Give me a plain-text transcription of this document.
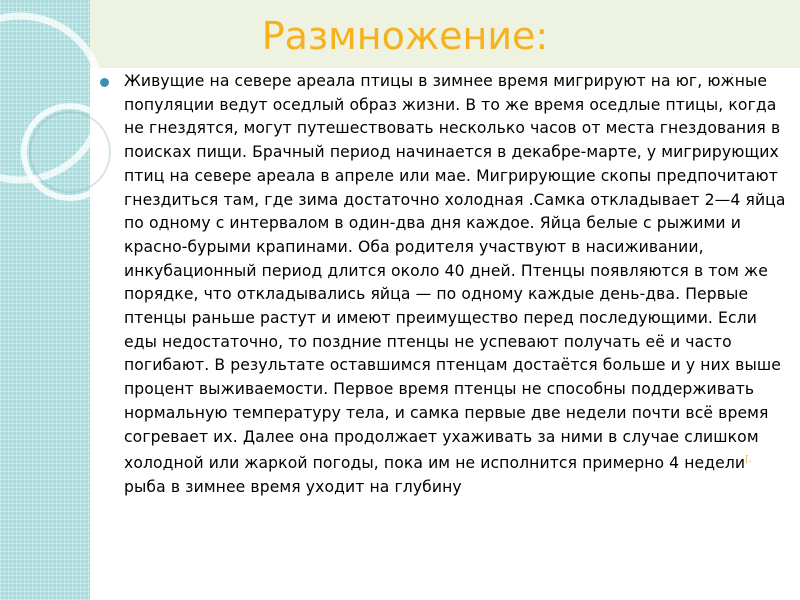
Размножение:

Живущие на севере ареала птицы в зимнее время мигрируют на юг, южные популяции ведут оседлый образ жизни. В то же время оседлые птицы, когда не гнездятся, могут путешествовать несколько часов от места гнездования в поисках пищи. Брачный период начинается в декабре-марте, у мигрирующих птиц на севере ареала в апреле или мае. Мигрирующие скопы предпочитают гнездиться там, где зима достаточно холодная .Самка откладывает 2—4 яйца по одному с интервалом в один-два дня каждое. Яйца белые с рыжими и красно-бурыми крапинами. Оба родителя участвуют в насиживании, инкубационный период длится около 40 дней. Птенцы появляются в том же порядке, что откладывались яйца — по одному каждые день-два. Первые птенцы раньше растут и имеют преимущество перед последующими. Если еды недостаточно, то поздние птенцы не успевают получать её и часто погибают. В результате оставшимся птенцам достаётся больше и у них выше процент выживаемости. Первое время птенцы не способны поддерживать нормальную температуру тела, и самка первые две недели почти всё время согревает их. Далее она продолжает ухаживать за ними в случае слишком холодной или жаркой погоды, пока им не исполнится примерно 4 недели[.
рыба в зимнее время уходит на глубину
